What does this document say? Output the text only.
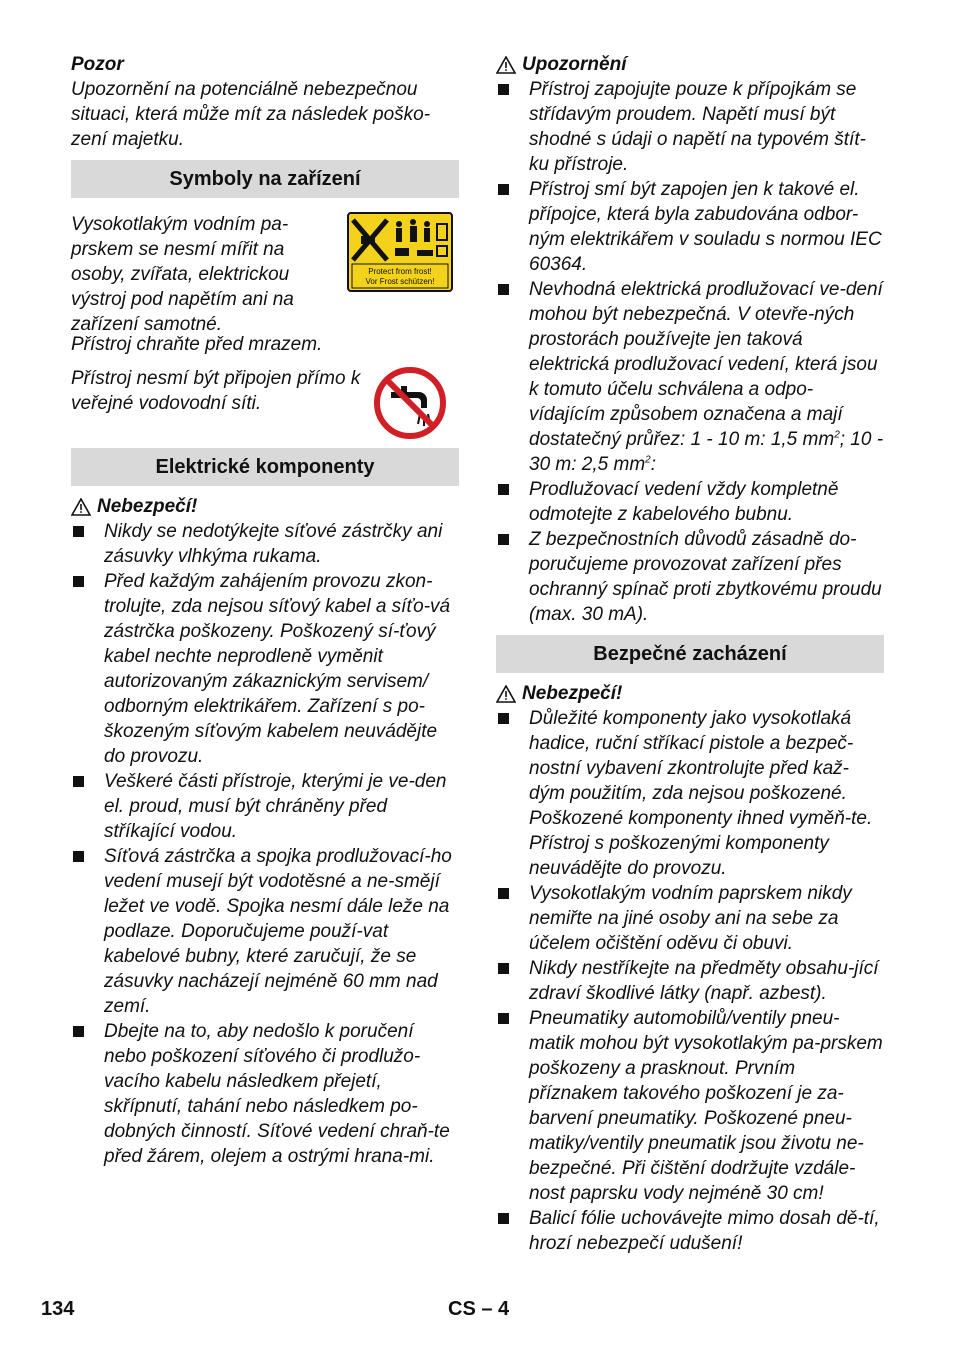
Pozor

Upozornění na potenciálně nebezpečnou situaci, která může mít za následek poško-zení majetku.

Symboly na zařízení

Vysokotlakým vodním pa-prskem se nesmí mířit na osoby, zvířata, elektrickou výstroj pod napětím ani na zařízení samotné.

Protect from frost!
Vor Frost schützen!

Přístroj chraňte před mrazem.

Přístroj nesmí být připojen přímo k veřejné vodovodní síti.

Elektrické komponenty
Nebezpečí!
Nikdy se nedotýkejte síťové zástrčky ani zásuvky vlhkýma rukama.
Před každým zahájením provozu zkon-trolujte, zda nejsou síťový kabel a síťo-vá zástrčka poškozeny. Poškozený sí-ťový kabel nechte neprodleně vyměnit autorizovaným zákaznickým servisem/ odborným elektrikářem. Zařízení s po-škozeným síťovým kabelem neuvádějte do provozu.
Veškeré části přístroje, kterými je ve-den el. proud, musí být chráněny před stříkající vodou.
Síťová zástrčka a spojka prodlužovací-ho vedení musejí být vodotěsné a ne-smějí ležet ve vodě. Spojka nesmí dále leže na podlaze. Doporučujeme použí-vat kabelové bubny, které zaručují, že se zásuvky nacházejí nejméně 60 mm nad zemí.
Dbejte na to, aby nedošlo k poručení nebo poškození síťového či prodlužo-vacího kabelu následkem přejetí, skřípnutí, tahání nebo následkem po-dobných činností. Síťové vedení chraň-te před žárem, olejem a ostrými hrana-mi.
Upozornění
Přístroj zapojujte pouze k přípojkám se střídavým proudem. Napětí musí být shodné s údaji o napětí na typovém štít-ku přístroje.
Přístroj smí být zapojen jen k takové el. přípojce, která byla zabudována odbor-ným elektrikářem v souladu s normou IEC 60364.
Nevhodná elektrická prodlužovací ve-dení mohou být nebezpečná. V otevře-ných prostorách používejte jen taková elektrická prodlužovací vedení, která jsou k tomuto účelu schválena a odpo-vídajícím způsobem označena a mají dostatečný průřez: 1 - 10 m: 1,5 $mm^2$; 10 - 30 m: 2,5 $mm^2$:
Prodlužovací vedení vždy kompletně odmotejte z kabelového bubnu.
Z bezpečnostních důvodů zásadně do-poručujeme provozovat zařízení přes ochranný spínač proti zbytkovému proudu (max. 30 mA).
Bezpečné zacházení
Nebezpečí!
Důležité komponenty jako vysokotlaká hadice, ruční stříkací pistole a bezpeč-nostní vybavení zkontrolujte před kaž-dým použitím, zda nejsou poškozené. Poškozené komponenty ihned vyměň-te. Přístroj s poškozenými komponenty neuvádějte do provozu.
Vysokotlakým vodním paprskem nikdy nemiřte na jiné osoby ani na sebe za účelem očištění oděvu či obuvi.
Nikdy nestříkejte na předměty obsahu-jící zdraví škodlivé látky (např. azbest).
Pneumatiky automobilů/ventily pneu-matik mohou být vysokotlakým pa-prskem poškozeny a prasknout. Prvním příznakem takového poškození je za-barvení pneumatiky. Poškozené pneu-matiky/ventily pneumatik jsou životu ne-bezpečné. Při čištění dodržujte vzdále-nost paprsku vody nejméně 30 cm!
Balicí fólie uchovávejte mimo dosah dě-tí, hrozí nebezpečí udušení!
134	CS – 4
